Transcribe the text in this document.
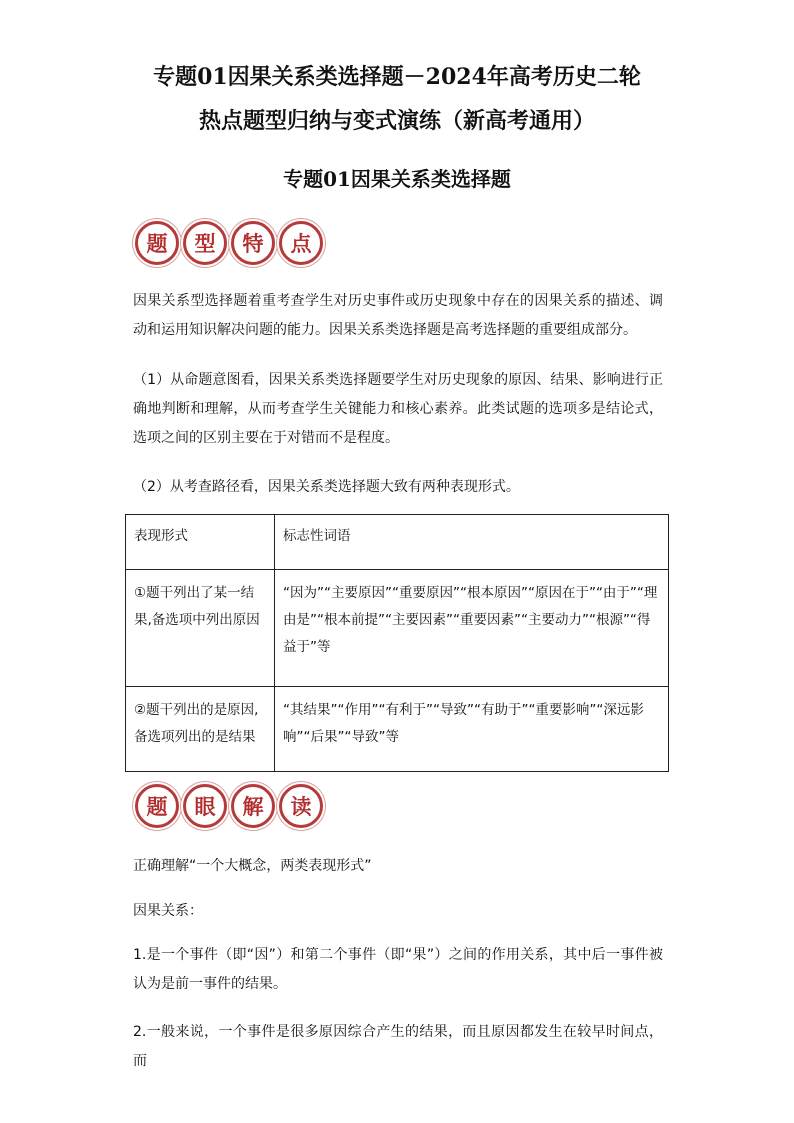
专题01因果关系类选择题－2024年高考历史二轮
热点题型归纳与变式演练（新高考通用）
专题01因果关系类选择题
题	型	特	点
因果关系型选择题着重考查学生对历史事件或历史现象中存在的因果关系的描述、调动和运用知识解决问题的能力。因果关系类选择题是高考选择题的重要组成部分。
（1）从命题意图看，因果关系类选择题要学生对历史现象的原因、结果、影响进行正确地判断和理解，从而考查学生关键能力和核心素养。此类试题的选项多是结论式，选项之间的区别主要在于对错而不是程度。
（2）从考查路径看，因果关系类选择题大致有两种表现形式。
表现形式	标志性词语
①题干列出了某一结果,备选项中列出原因	“因为”“主要原因”“重要原因”“根本原因”“原因在于”“由于”“理由是”“根本前提”“主要因素”“重要因素”“主要动力”“根源”“得益于”等
②题干列出的是原因,备选项列出的是结果	“其结果”“作用”“有利于”“导致”“有助于”“重要影响”“深远影响”“后果”“导致”等
题	眼	解	读
正确理解“一个大概念，两类表现形式”
因果关系：
1.是一个事件（即“因”）和第二个事件（即“果”）之间的作用关系，其中后一事件被认为是前一事件的结果。
2.一般来说，一个事件是很多原因综合产生的结果，而且原因都发生在较早时间点，而
